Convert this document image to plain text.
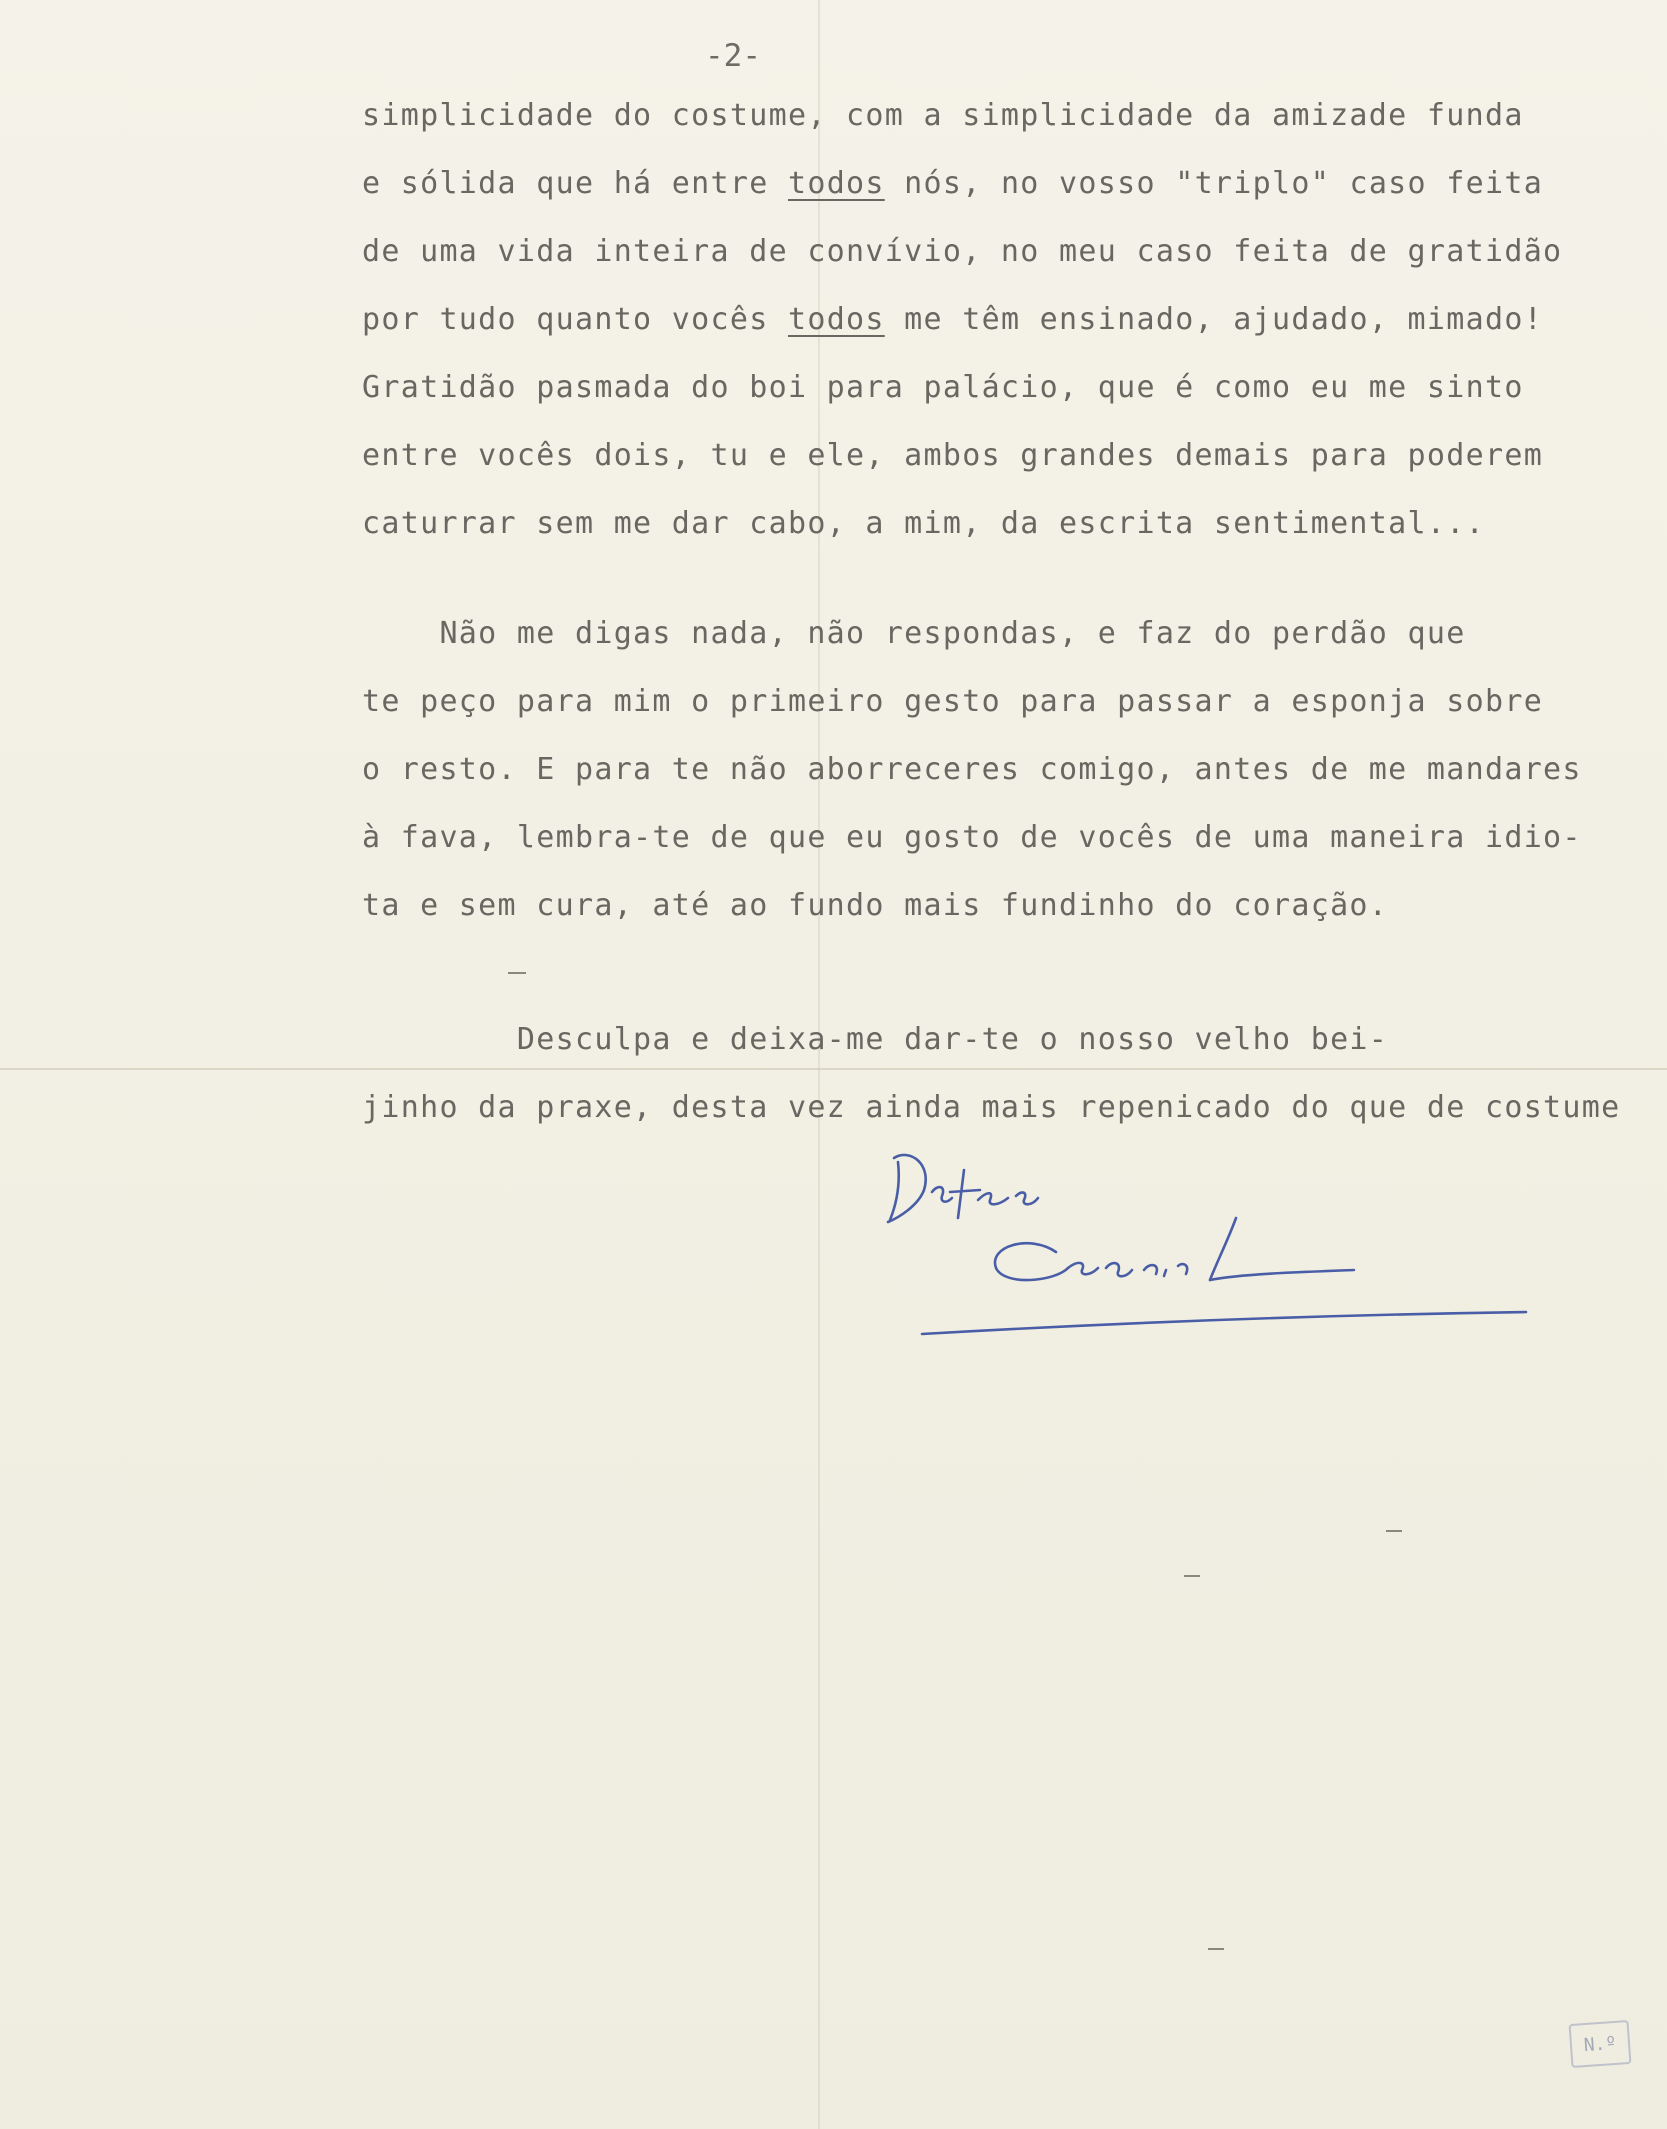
-2-
simplicidade do costume, com a simplicidade da amizade funda
e sólida que há entre todos nós, no vosso "triplo" caso feita
de uma vida inteira de convívio, no meu caso feita de gratidão
por tudo quanto vocês todos me têm ensinado, ajudado, mimado!
Gratidão pasmada do boi para palácio, que é como eu me sinto
entre vocês dois, tu e ele, ambos grandes demais para poderem
caturrar sem me dar cabo, a mim, da escrita sentimental...
Não me digas nada, não respondas, e faz do perdão que
te peço para mim o primeiro gesto para passar a esponja sobre
o resto. E para te não aborreceres comigo, antes de me mandares
à fava, lembra-te de que eu gosto de vocês de uma maneira idio-
ta e sem cura, até ao fundo mais fundinho do coração.
Desculpa e deixa-me dar-te o nosso velho bei-
jinho da praxe, desta vez ainda mais repenicado do que de costume
N.º
